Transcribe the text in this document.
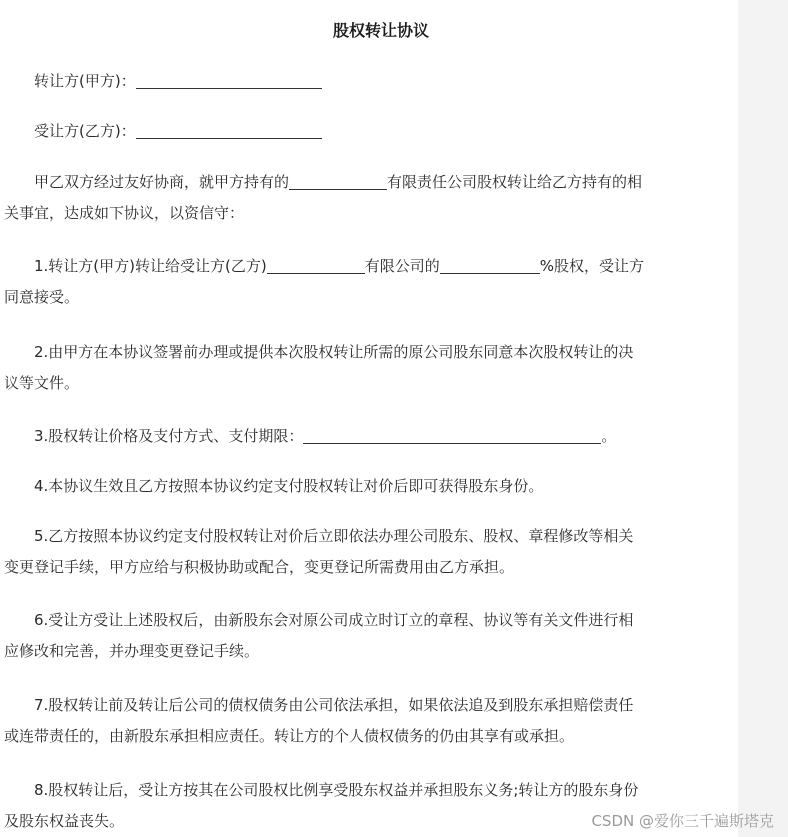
股权转让协议
转让方(甲方)：
受让方(乙方)：
甲乙双方经过友好协商，就甲方持有的	有限责任公司股权转让给乙方持有的相
关事宜，达成如下协议，以资信守：
1.转让方(甲方)转让给受让方(乙方)	有限公司的	%股权，受让方
同意接受。
2.由甲方在本协议签署前办理或提供本次股权转让所需的原公司股东同意本次股权转让的决
议等文件。
3.股权转让价格及支付方式、支付期限：	。
4.本协议生效且乙方按照本协议约定支付股权转让对价后即可获得股东身份。
5.乙方按照本协议约定支付股权转让对价后立即依法办理公司股东、股权、章程修改等相关
变更登记手续，甲方应给与积极协助或配合，变更登记所需费用由乙方承担。
6.受让方受让上述股权后，由新股东会对原公司成立时订立的章程、协议等有关文件进行相
应修改和完善，并办理变更登记手续。
7.股权转让前及转让后公司的债权债务由公司依法承担，如果依法追及到股东承担赔偿责任
或连带责任的，由新股东承担相应责任。转让方的个人债权债务的仍由其享有或承担。
8.股权转让后，受让方按其在公司股权比例享受股东权益并承担股东义务;转让方的股东身份
及股东权益丧失。	CSDN @爱你三千遍斯塔克
